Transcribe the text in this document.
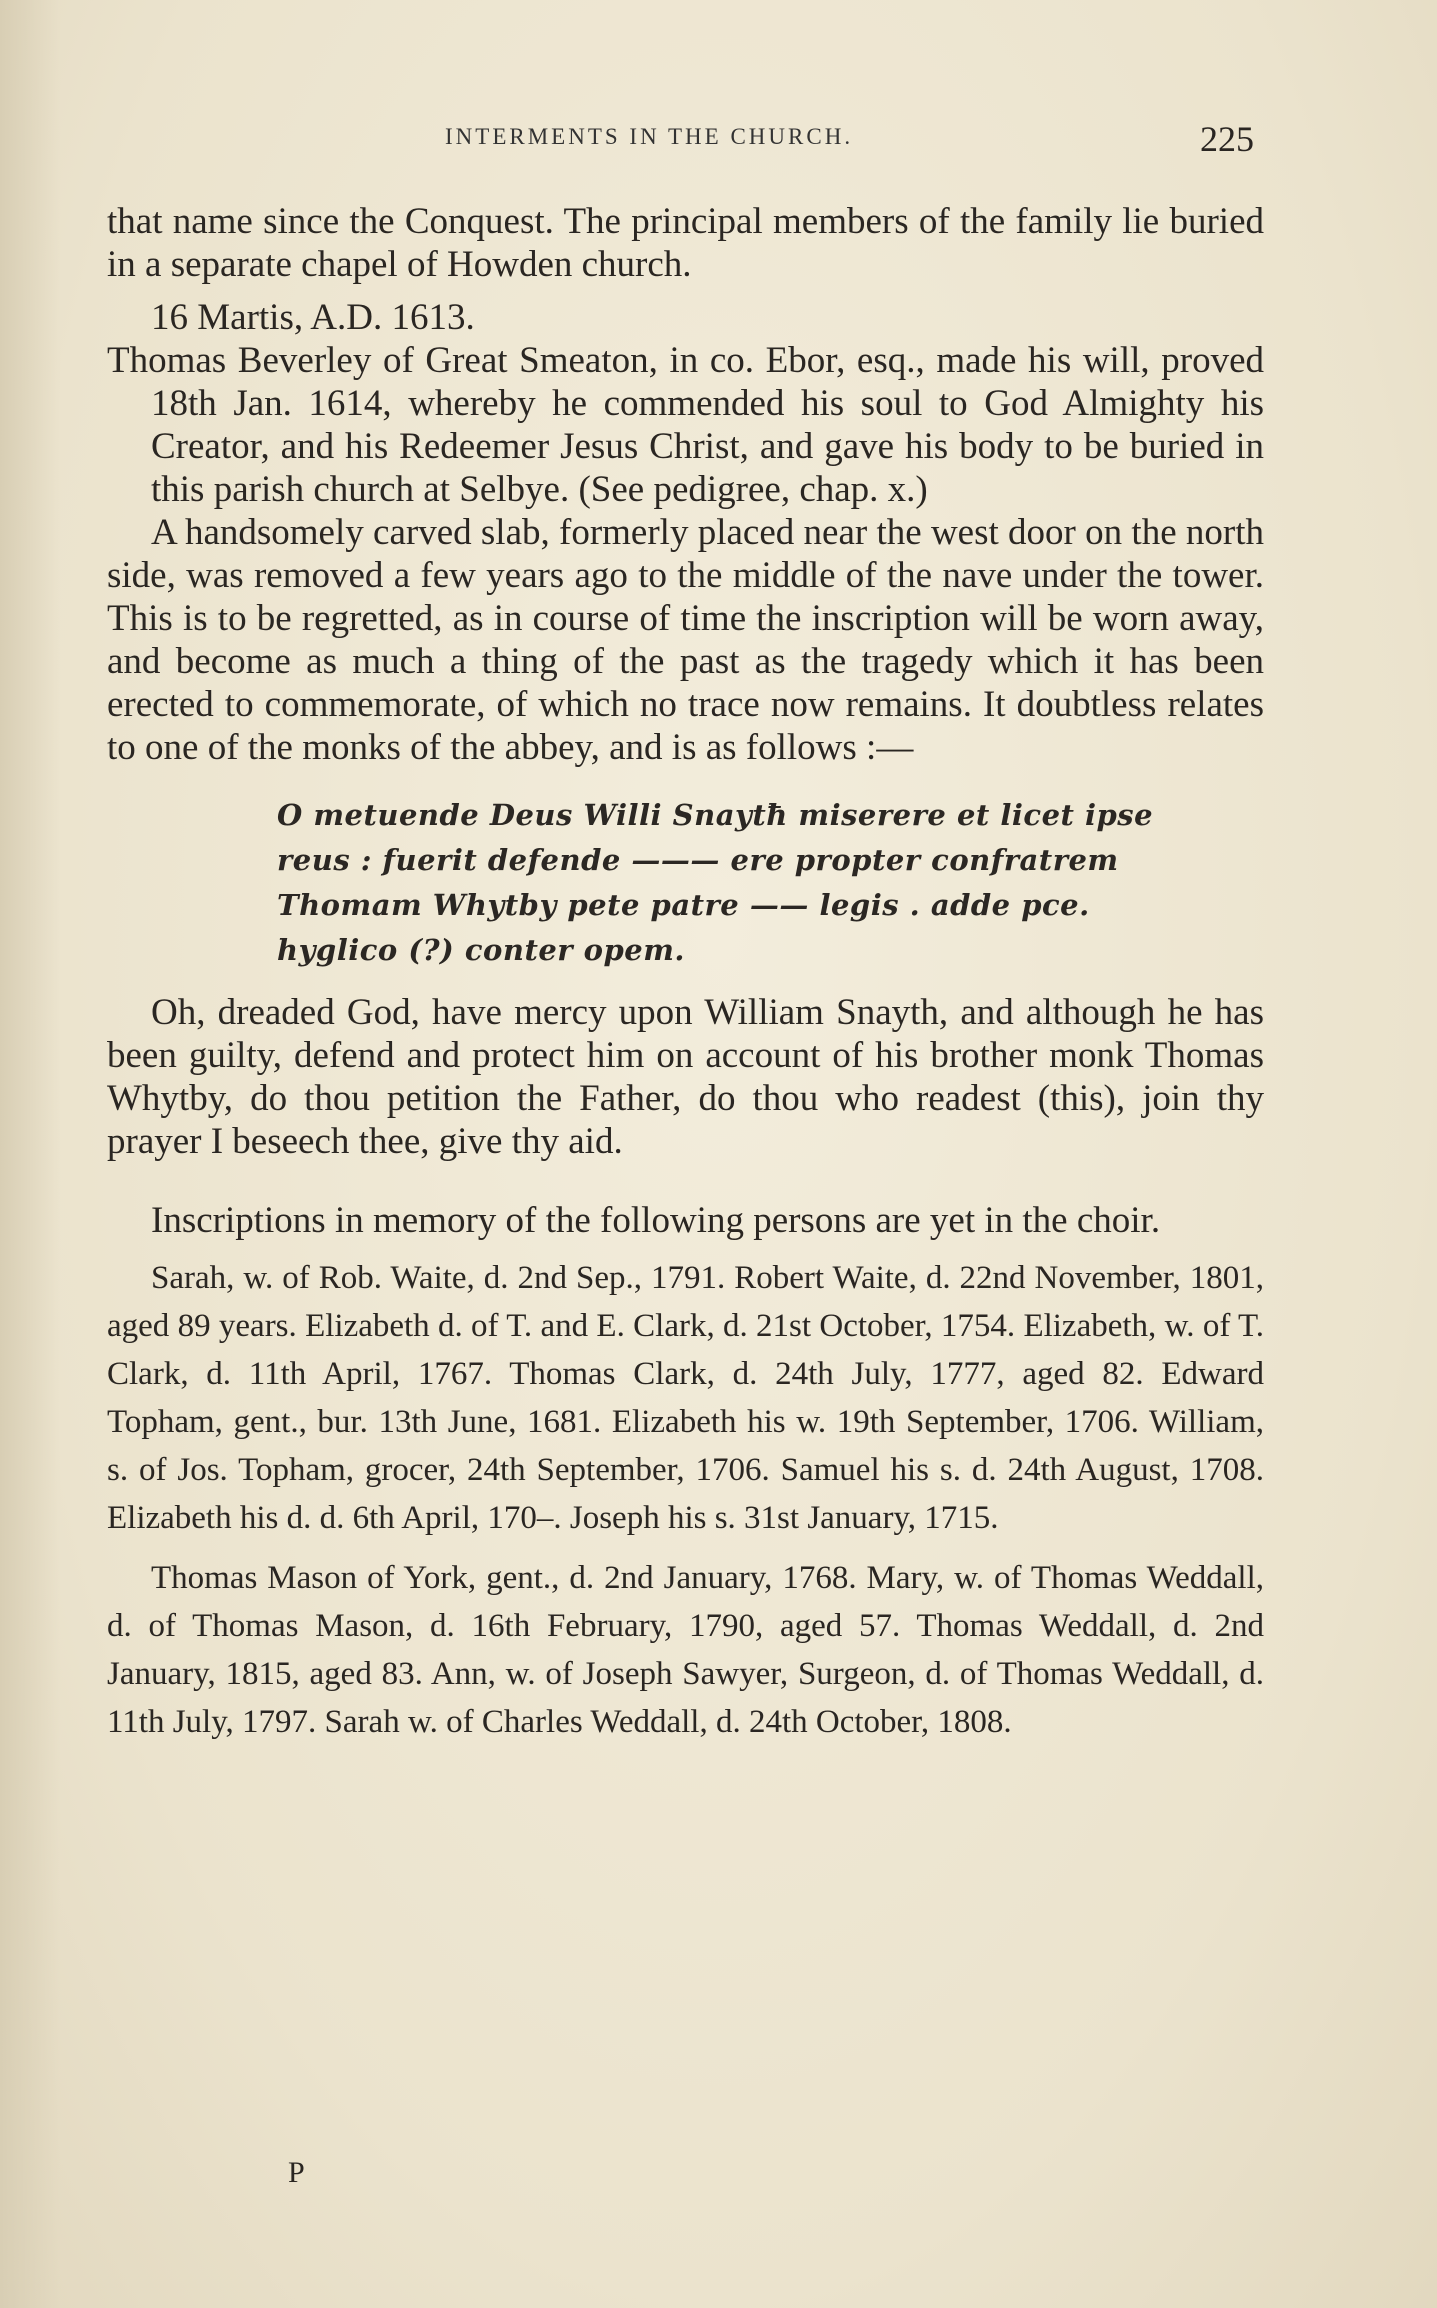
INTERMENTS IN THE CHURCH.	225

that name since the Conquest. The principal members of the family lie buried in a separate chapel of Howden church.

16 Martis, A.D. 1613.

Thomas Beverley of Great Smeaton, in co. Ebor, esq., made his will, proved 18th Jan. 1614, whereby he commended his soul to God Almighty his Creator, and his Redeemer Jesus Christ, and gave his body to be buried in this parish church at Selbye. (See pedigree, chap. x.)

A handsomely carved slab, formerly placed near the west door on the north side, was removed a few years ago to the middle of the nave under the tower. This is to be regretted, as in course of time the inscription will be worn away, and become as much a thing of the past as the tragedy which it has been erected to commemorate, of which no trace now remains. It doubtless relates to one of the monks of the abbey, and is as follows :—

O metuende Deus Willi Snaytħ miserere et licet ipse
reus : fuerit defende ——— ere propter confratrem
Thomam Whytby pete patre —— legis . adde pce.
hyglico (?) conter opem.

Oh, dreaded God, have mercy upon William Snayth, and although he has been guilty, defend and protect him on account of his brother monk Thomas Whytby, do thou petition the Father, do thou who readest (this), join thy prayer I beseech thee, give thy aid.

Inscriptions in memory of the following persons are yet in the choir.

Sarah, w. of Rob. Waite, d. 2nd Sep., 1791. Robert Waite, d. 22nd November, 1801, aged 89 years. Elizabeth d. of T. and E. Clark, d. 21st October, 1754. Elizabeth, w. of T. Clark, d. 11th April, 1767. Thomas Clark, d. 24th July, 1777, aged 82. Edward Topham, gent., bur. 13th June, 1681. Elizabeth his w. 19th September, 1706. William, s. of Jos. Topham, grocer, 24th September, 1706. Samuel his s. d. 24th August, 1708. Elizabeth his d. d. 6th April, 170–. Joseph his s. 31st January, 1715.

Thomas Mason of York, gent., d. 2nd January, 1768. Mary, w. of Thomas Weddall, d. of Thomas Mason, d. 16th February, 1790, aged 57. Thomas Weddall, d. 2nd January, 1815, aged 83. Ann, w. of Joseph Sawyer, Surgeon, d. of Thomas Weddall, d. 11th July, 1797. Sarah w. of Charles Weddall, d. 24th October, 1808.

P
